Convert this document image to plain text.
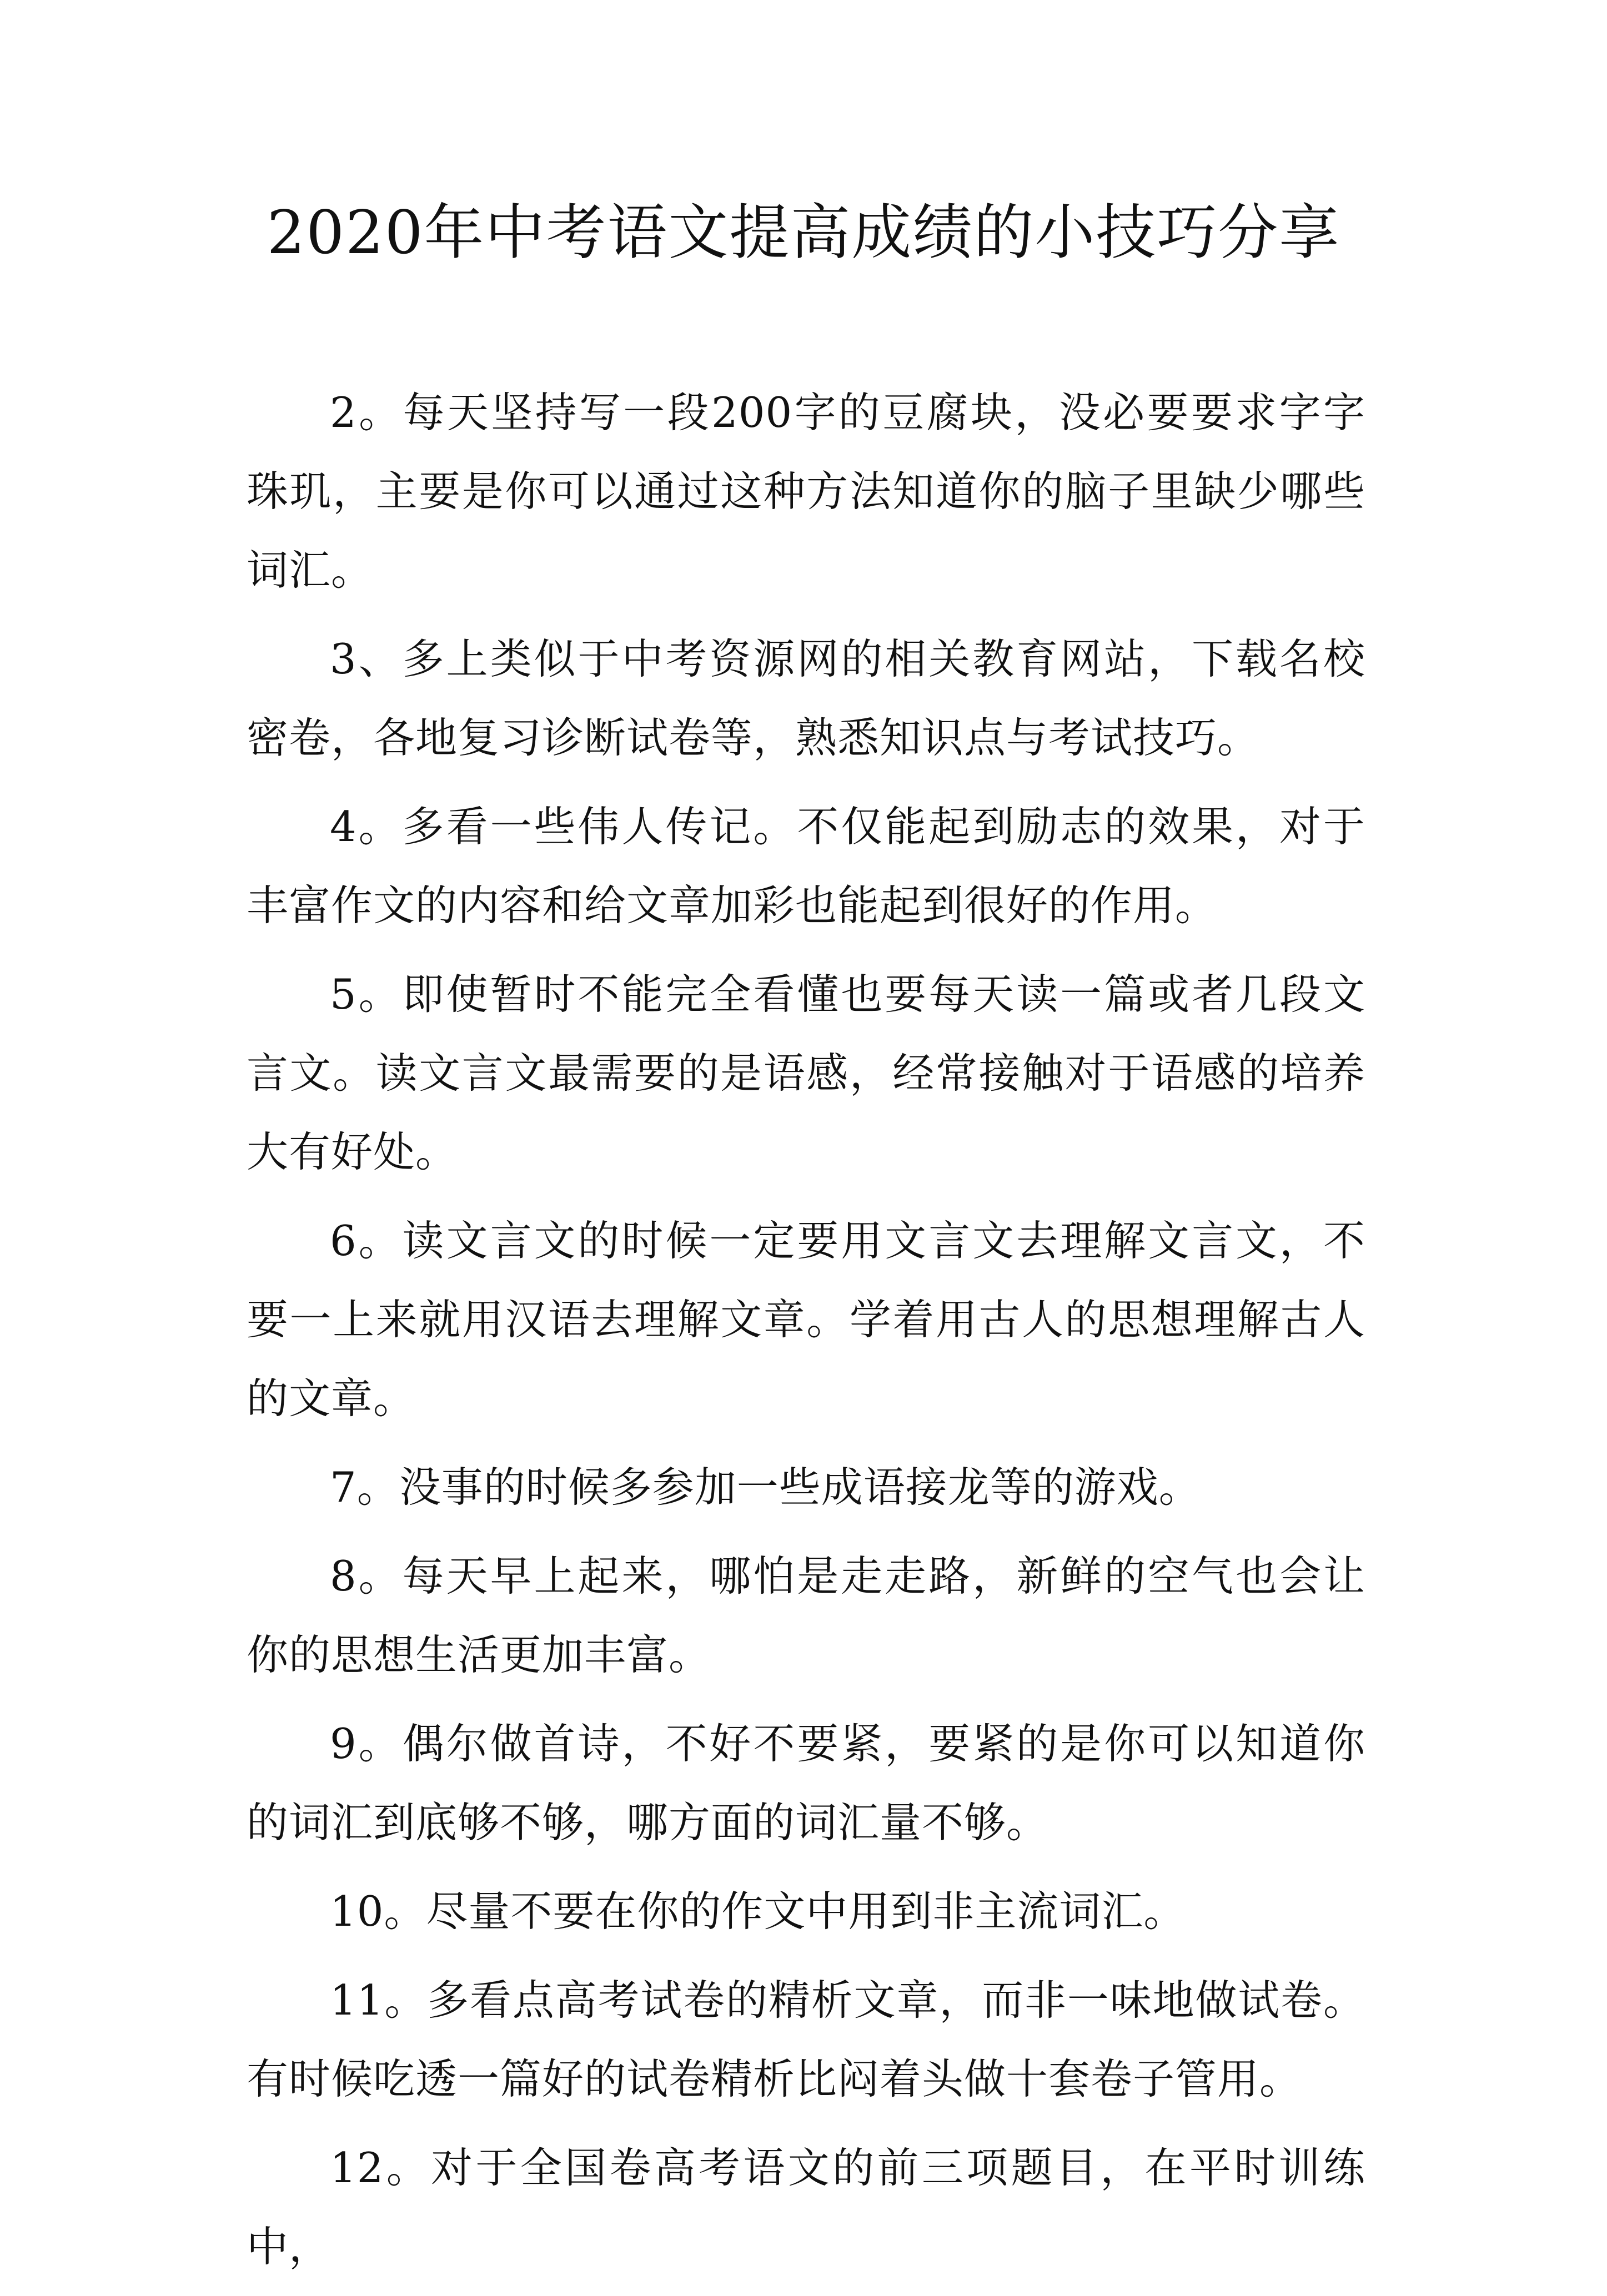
2020年中考语文提高成绩的小技巧分享

2。每天坚持写一段200字的豆腐块，没必要要求字字珠玑，主要是你可以通过这种方法知道你的脑子里缺少哪些词汇。

3、多上类似于中考资源网的相关教育网站，下载名校密卷，各地复习诊断试卷等，熟悉知识点与考试技巧。

4。多看一些伟人传记。不仅能起到励志的效果，对于丰富作文的内容和给文章加彩也能起到很好的作用。

5。即使暂时不能完全看懂也要每天读一篇或者几段文言文。读文言文最需要的是语感，经常接触对于语感的培养大有好处。

6。读文言文的时候一定要用文言文去理解文言文，不要一上来就用汉语去理解文章。学着用古人的思想理解古人的文章。

7。没事的时候多参加一些成语接龙等的游戏。

8。每天早上起来，哪怕是走走路，新鲜的空气也会让你的思想生活更加丰富。

9。偶尔做首诗，不好不要紧，要紧的是你可以知道你的词汇到底够不够，哪方面的词汇量不够。

10。尽量不要在你的作文中用到非主流词汇。

11。多看点高考试卷的精析文章，而非一味地做试卷。有时候吃透一篇好的试卷精析比闷着头做十套卷子管用。

12。对于全国卷高考语文的前三项题目，在平时训练中，
